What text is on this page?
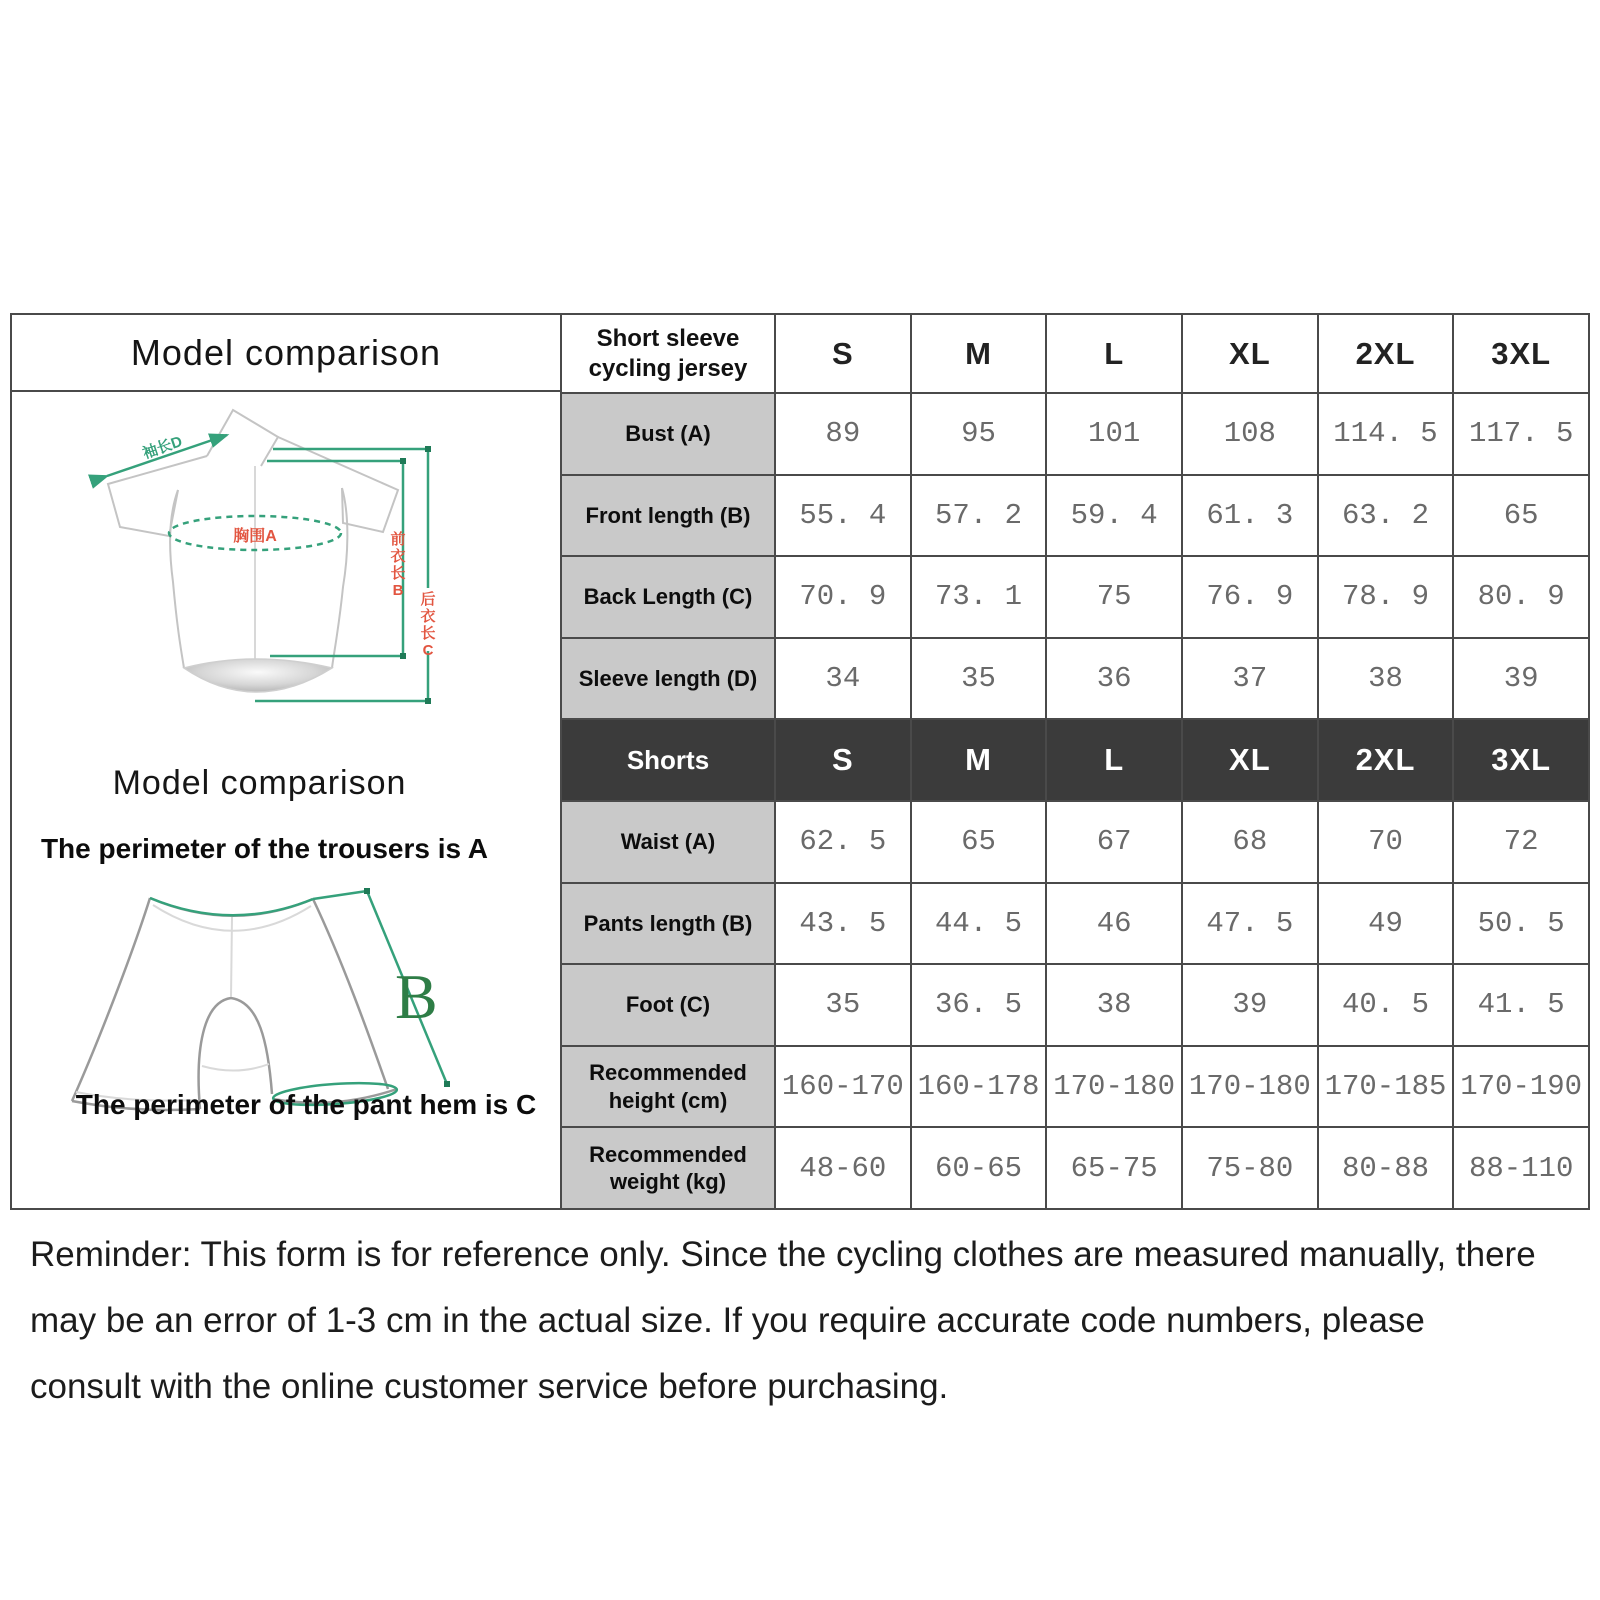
Model comparison
胸围A
袖长D
前
衣
长
B
后
衣
长
C
Model comparison
The perimeter of the trousers is A
B
The perimeter of the pant hem is C
Short sleeve cycling jersey	S	M	L	XL	2XL	3XL
Bust (A)	89	95	101	108	114. 5	117. 5
Front length (B)	55. 4	57. 2	59. 4	61. 3	63. 2	65
Back Length (C)	70. 9	73. 1	75	76. 9	78. 9	80. 9
Sleeve length (D)	34	35	36	37	38	39
Shorts	S	M	L	XL	2XL	3XL
Waist (A)	62. 5	65	67	68	70	72
Pants length (B)	43. 5	44. 5	46	47. 5	49	50. 5
Foot (C)	35	36. 5	38	39	40. 5	41. 5
Recommended height (cm)	160-170 160-178 170-180 170-180 170-185 170-190
Recommended weight (kg)	48-60	60-65	65-75	75-80	80-88	88-110
Reminder: This form is for reference only. Since the cycling clothes are measured manually, there may be an error of 1-3 cm in the actual size. If you require accurate code numbers, please consult with the online customer service before purchasing.
